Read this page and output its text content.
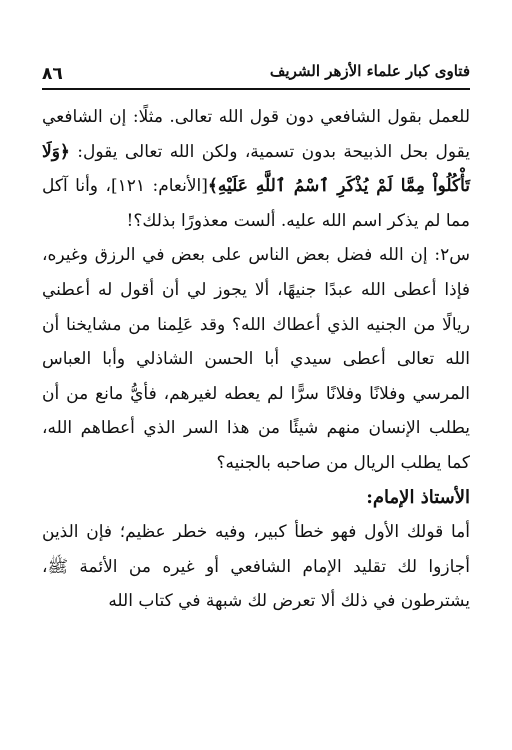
٨٦	فتاوى كبار علماء الأزهر الشريف

للعمل بقول الشافعي دون قول الله تعالى. مثلًا: إن الشافعي يقول بحل الذبيحة بدون تسمية، ولكن الله تعالى يقول: ﴿وَلَا تَأْكُلُواْ مِمَّا لَمْ يُذْكَرِ ٱسْمُ ٱللَّهِ عَلَيْهِ﴾[الأنعام: ١٢١]، وأنا آكل مما لم يذكر اسم الله عليه. ألست معذورًا بذلك؟!

س٢: إن الله فضل بعض الناس على بعض في الرزق وغيره، فإذا أعطى الله عبدًا جنيهًا، ألا يجوز لي أن أقول له أعطني ريالًا من الجنيه الذي أعطاك الله؟ وقد عَلِمنا من مشايخنا أن الله تعالى أعطى سيدي أبا الحسن الشاذلي وأبا العباس المرسي وفلانًا وفلانًا سرًّا لم يعطه لغيرهم، فأيُّ مانع من أن يطلب الإنسان منهم شيئًا من هذا السر الذي أعطاهم الله، كما يطلب الريال من صاحبه بالجنيه؟

الأستاذ الإمام:

أما قولك الأول فهو خطأ كبير، وفيه خطر عظيم؛ فإن الذين أجازوا لك تقليد الإمام الشافعي أو غيره من الأئمة ﷺ، يشترطون في ذلك ألا تعرض لك شبهة في كتاب الله
